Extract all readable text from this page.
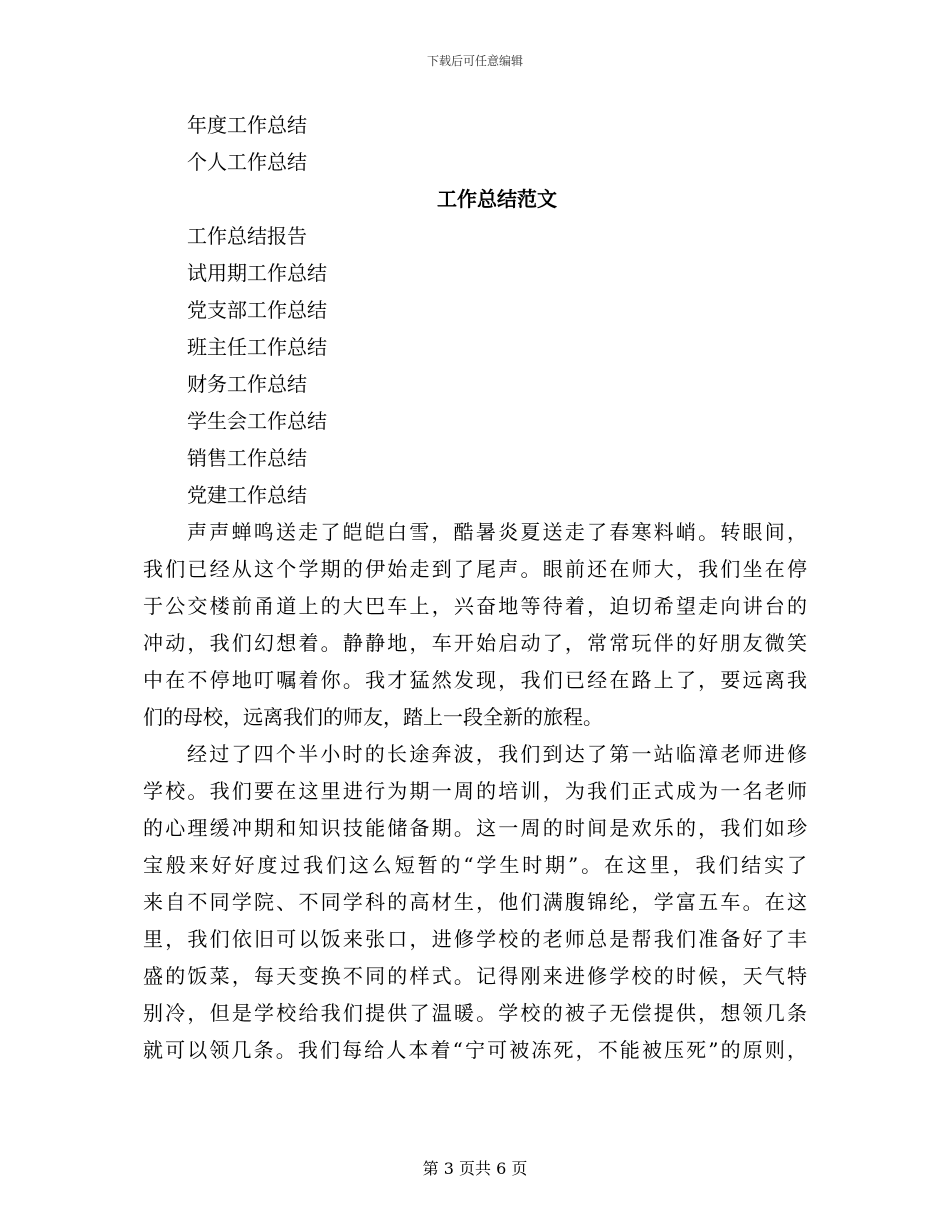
下载后可任意编辑
年度工作总结
个人工作总结
工作总结范文
工作总结报告
试用期工作总结
党支部工作总结
班主任工作总结
财务工作总结
学生会工作总结
销售工作总结
党建工作总结
声声蝉鸣送走了皑皑白雪，酷暑炎夏送走了春寒料峭。转眼间，
我们已经从这个学期的伊始走到了尾声。眼前还在师大，我们坐在停
于公交楼前甬道上的大巴车上，兴奋地等待着，迫切希望走向讲台的
冲动，我们幻想着。静静地，车开始启动了，常常玩伴的好朋友微笑
中在不停地叮嘱着你。我才猛然发现，我们已经在路上了，要远离我
们的母校，远离我们的师友，踏上一段全新的旅程。
经过了四个半小时的长途奔波，我们到达了第一站临漳老师进修
学校。我们要在这里进行为期一周的培训，为我们正式成为一名老师
的心理缓冲期和知识技能储备期。这一周的时间是欢乐的，我们如珍
宝般来好好度过我们这么短暂的“学生时期”。在这里，我们结实了
来自不同学院、不同学科的高材生，他们满腹锦纶，学富五车。在这
里，我们依旧可以饭来张口，进修学校的老师总是帮我们准备好了丰
盛的饭菜，每天变换不同的样式。记得刚来进修学校的时候，天气特
别冷，但是学校给我们提供了温暖。学校的被子无偿提供，想领几条
就可以领几条。我们每给人本着“宁可被冻死，不能被压死”的原则，
第 3 页共 6 页
